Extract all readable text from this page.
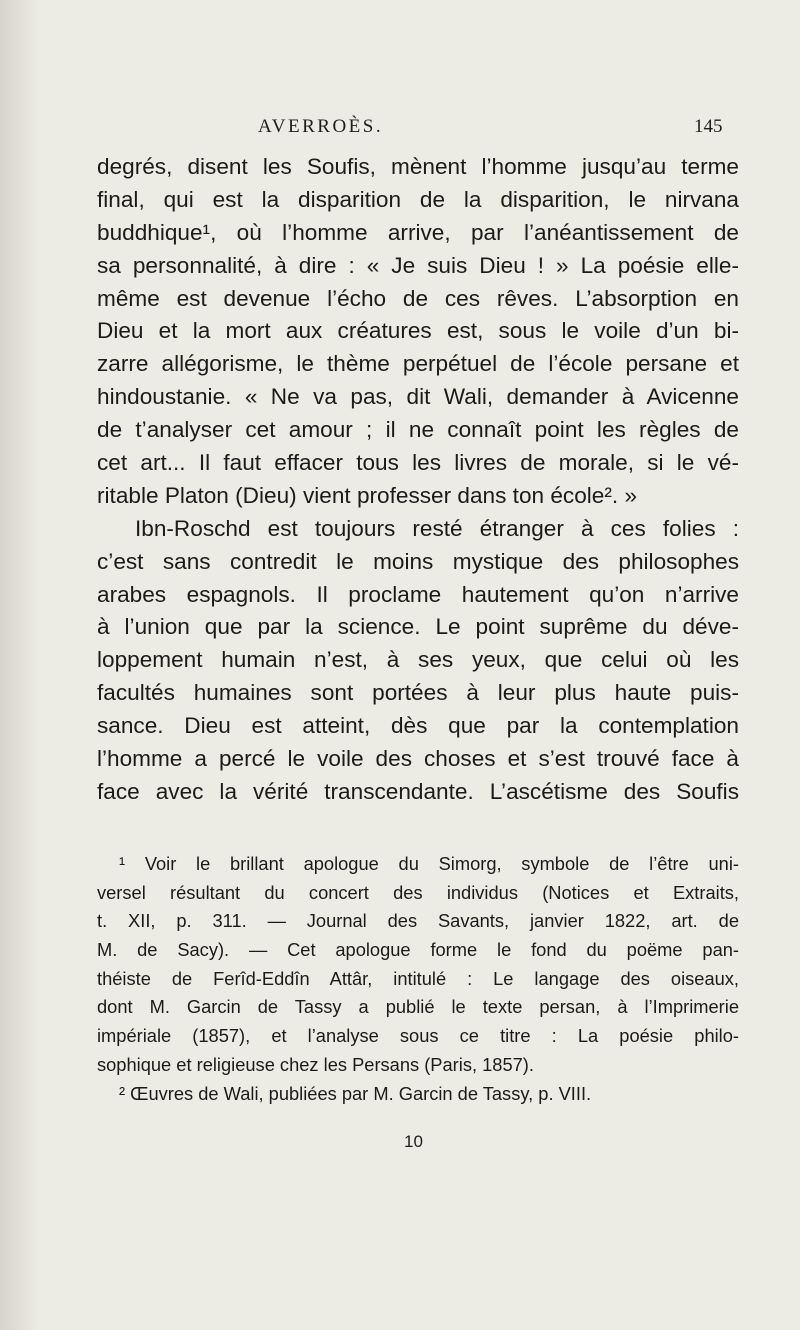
AVERROÈS.	145
degrés, disent les Soufis, mènent l’homme jusqu’au terme
final, qui est la disparition de la disparition, le nirvana
buddhique¹, où l’homme arrive, par l’anéantissement de
sa personnalité, à dire : « Je suis Dieu ! » La poésie elle-
même est devenue l’écho de ces rêves. L’absorption en
Dieu et la mort aux créatures est, sous le voile d’un bi-
zarre allégorisme, le thème perpétuel de l’école persane et
hindoustanie. « Ne va pas, dit Wali, demander à Avicenne
de t’analyser cet amour ; il ne connaît point les règles de
cet art... Il faut effacer tous les livres de morale, si le vé-
ritable Platon (Dieu) vient professer dans ton école². »
Ibn-Roschd est toujours resté étranger à ces folies :
c’est sans contredit le moins mystique des philosophes
arabes espagnols. Il proclame hautement qu’on n’arrive
à l’union que par la science. Le point suprême du déve-
loppement humain n’est, à ses yeux, que celui où les
facultés humaines sont portées à leur plus haute puis-
sance. Dieu est atteint, dès que par la contemplation
l’homme a percé le voile des choses et s’est trouvé face à
face avec la vérité transcendante. L’ascétisme des Soufis
¹ Voir le brillant apologue du Simorg, symbole de l’être uni-
versel résultant du concert des individus (Notices et Extraits,
t. XII, p. 311. — Journal des Savants, janvier 1822, art. de
M. de Sacy). — Cet apologue forme le fond du poëme pan-
théiste de Ferîd-Eddîn Attâr, intitulé : Le langage des oiseaux,
dont M. Garcin de Tassy a publié le texte persan, à l’Imprimerie
impériale (1857), et l’analyse sous ce titre : La poésie philo-
sophique et religieuse chez les Persans (Paris, 1857).
² Œuvres de Wali, publiées par M. Garcin de Tassy, p. VIII.
10
